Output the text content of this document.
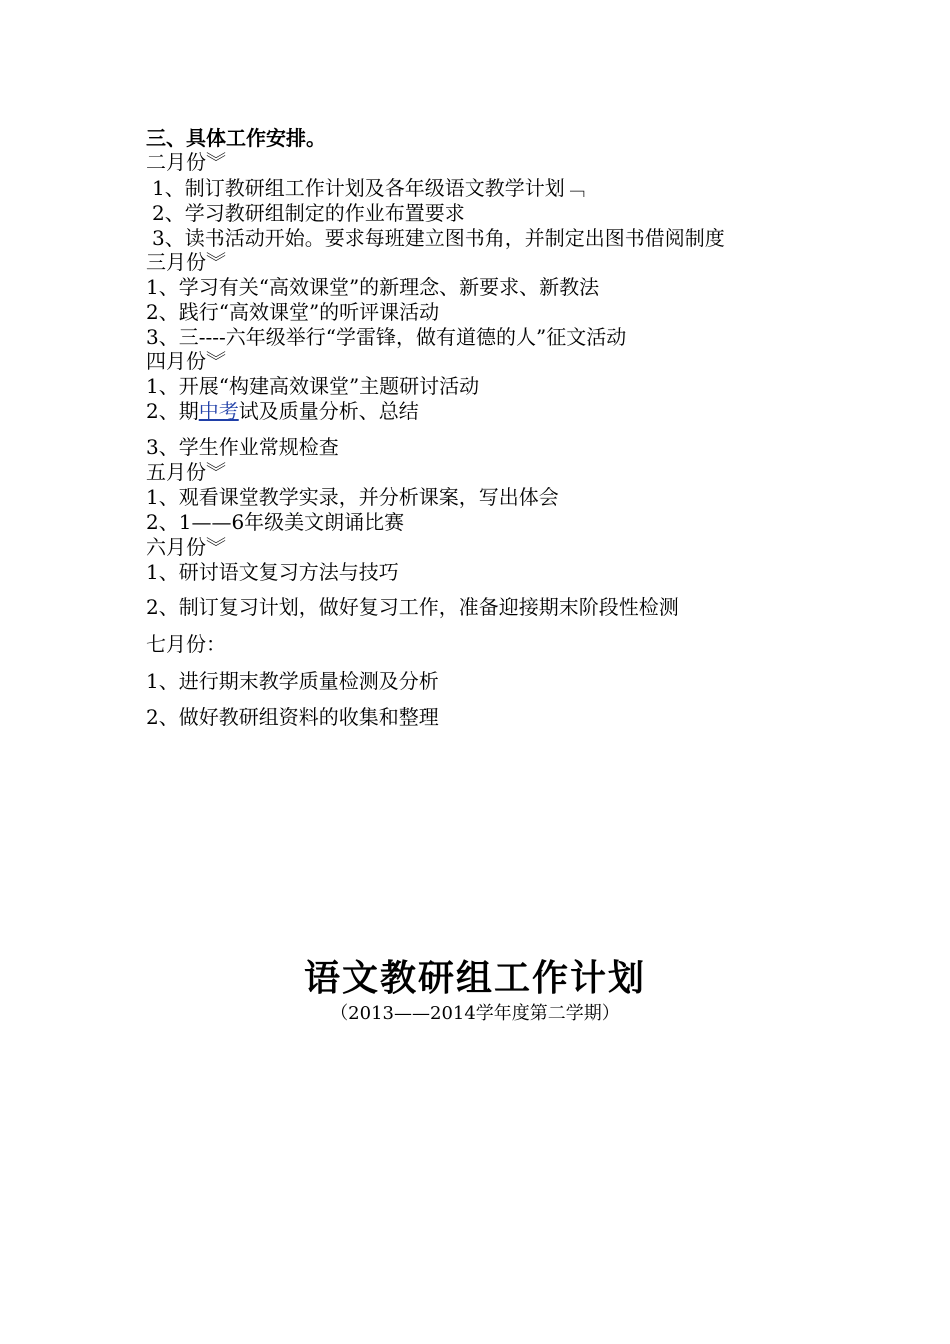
三、具体工作安排。
二月份︾
1、制订教研组工作计划及各年级语文教学计划﹁
2、学习教研组制定的作业布置要求
3、读书活动开始。要求每班建立图书角，并制定出图书借阅制度
三月份︾
1、学习有关“高效课堂”的新理念、新要求、新教法
2、践行“高效课堂”的听评课活动
3、三----六年级举行“学雷锋，做有道德的人”征文活动
四月份︾
1、开展“构建高效课堂”主题研讨活动
2、期中考试及质量分析、总结
3、学生作业常规检查
五月份︾
1、观看课堂教学实录，并分析课案，写出体会
2、1——6年级美文朗诵比赛
六月份︾
1、研讨语文复习方法与技巧
2、制订复习计划，做好复习工作，准备迎接期末阶段性检测
七月份：
1、进行期末教学质量检测及分析
2、做好教研组资料的收集和整理
语文教研组工作计划
（2013——2014学年度第二学期）
